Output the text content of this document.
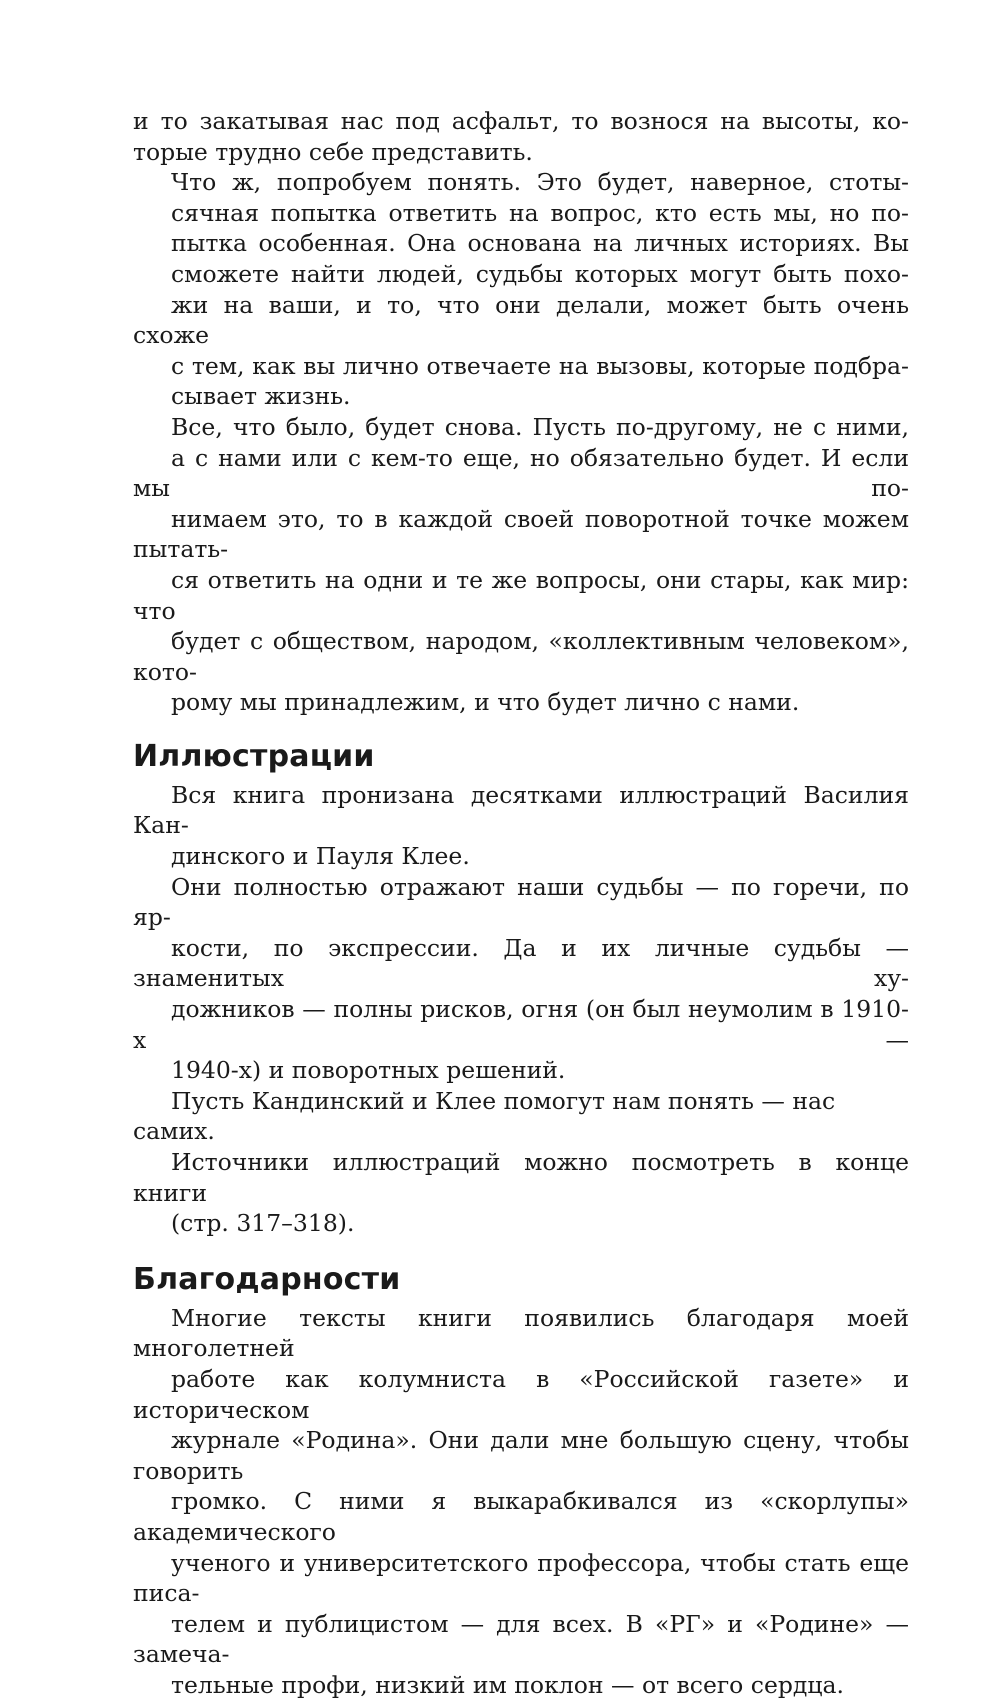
и то закатывая нас под асфальт, то вознося на высоты, ко-
торые трудно себе представить.

Что ж, попробуем понять. Это будет, наверное, стоты-
сячная попытка ответить на вопрос, кто есть мы, но по-
пытка особенная. Она основана на личных историях. Вы
сможете найти людей, судьбы которых могут быть похо-
жи на ваши, и то, что они делали, может быть очень схоже
с тем, как вы лично отвечаете на вызовы, которые подбра-
сывает жизнь.

Все, что было, будет снова. Пусть по-другому, не с ними,
а с нами или с кем-то еще, но обязательно будет. И если мы по-
нимаем это, то в каждой своей поворотной точке можем пытать-
ся ответить на одни и те же вопросы, они стары, как мир: что
будет с обществом, народом, «коллективным человеком», кото-
рому мы принадлежим, и что будет лично с нами.

Иллюстрации

Вся книга пронизана десятками иллюстраций Василия Кан-
динского и Пауля Клее.

Они полностью отражают наши судьбы — по горечи, по яр-
кости, по экспрессии. Да и их личные судьбы — знаменитых ху-
дожников — полны рисков, огня (он был неумолим в 1910-х —
1940-х) и поворотных решений.

Пусть Кандинский и Клее помогут нам понять — нас самих.

Источники иллюстраций можно посмотреть в конце книги
(стр. 317–318).

Благодарности

Многие тексты книги появились благодаря моей многолетней
работе как колумниста в «Российской газете» и историческом
журнале «Родина». Они дали мне большую сцену, чтобы говорить
громко. С ними я выкарабкивался из «скорлупы» академического
ученого и университетского профессора, чтобы стать еще писа-
телем и публицистом — для всех. В «РГ» и «Родине» — замеча-
тельные профи, низкий им поклон — от всего сердца.
